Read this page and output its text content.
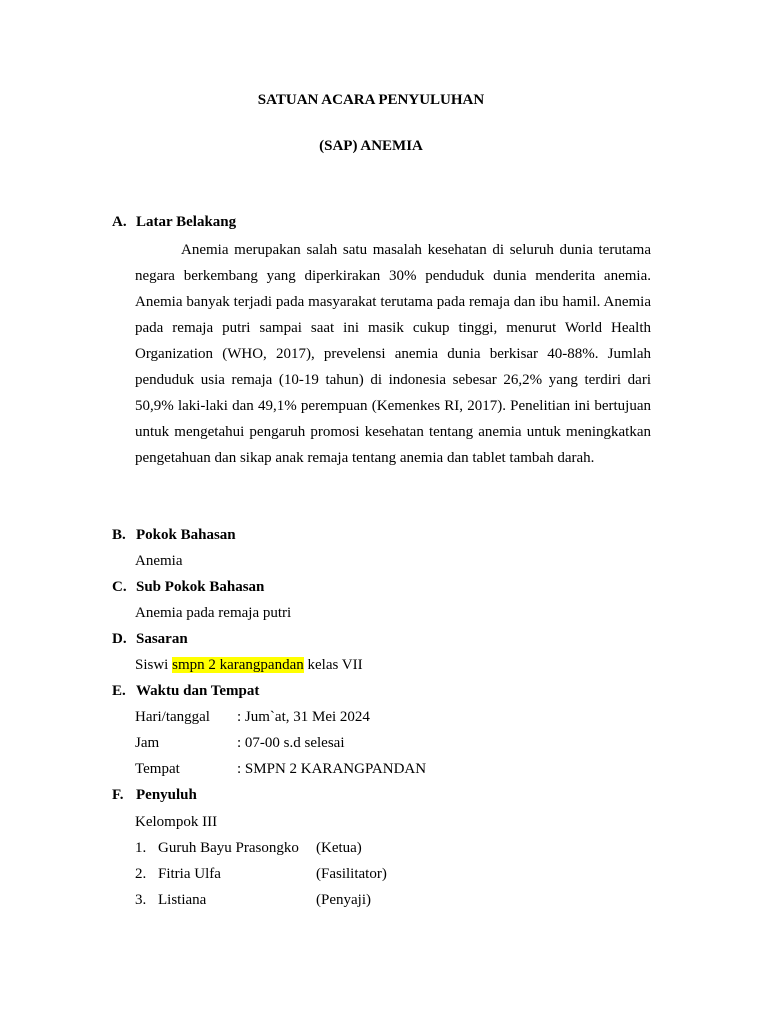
SATUAN ACARA PENYULUHAN
(SAP) ANEMIA
A. Latar Belakang
Anemia merupakan salah satu masalah kesehatan di seluruh dunia terutama negara berkembang yang diperkirakan 30% penduduk dunia menderita anemia. Anemia banyak terjadi pada masyarakat terutama pada remaja dan ibu hamil. Anemia pada remaja putri sampai saat ini masik cukup tinggi, menurut World Health Organization (WHO, 2017), prevelensi anemia dunia berkisar 40-88%. Jumlah penduduk usia remaja (10-19 tahun) di indonesia sebesar 26,2% yang terdiri dari 50,9% laki-laki dan 49,1% perempuan (Kemenkes RI, 2017). Penelitian ini bertujuan untuk mengetahui pengaruh promosi kesehatan tentang anemia untuk meningkatkan pengetahuan dan sikap anak remaja tentang anemia dan tablet tambah darah.
B. Pokok Bahasan
Anemia
C. Sub Pokok Bahasan
Anemia pada remaja putri
D. Sasaran
Siswi smpn 2 karangpandan kelas VII
E. Waktu dan Tempat
Hari/tanggal : Jum`at, 31 Mei 2024
Jam	: 07-00 s.d selesai
Tempat	: SMPN 2 KARANGPANDAN
F. Penyuluh
Kelompok III
1. Guruh Bayu Prasongko (Ketua)
2. Fitria Ulfa	(Fasilitator)
3. Listiana	(Penyaji)
